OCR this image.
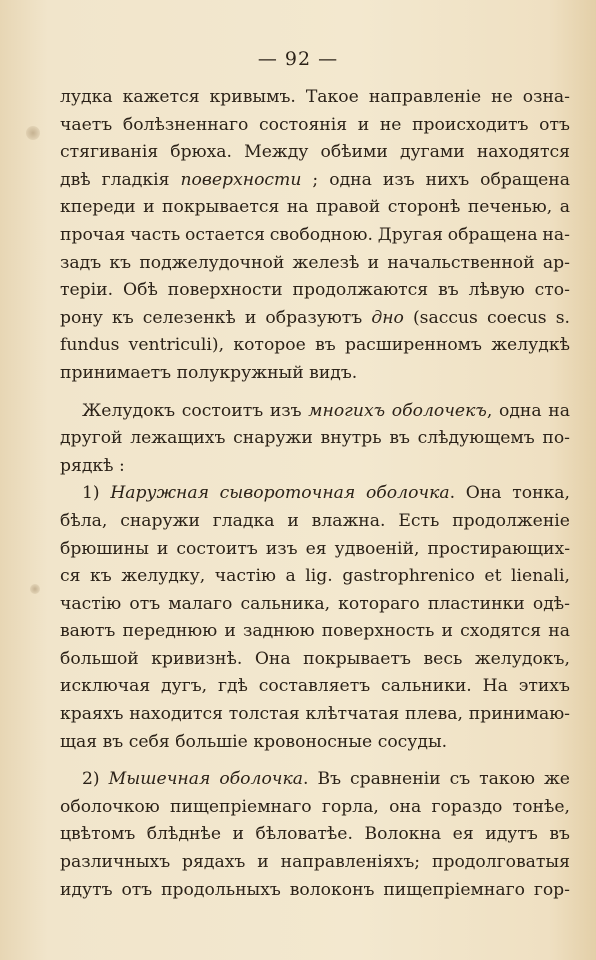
— 92 —
лудка кажется кривымъ. Такое направленіе не озна-
чаетъ болѣзненнаго состоянія и не происходитъ отъ
стягиванія брюха. Между обѣими дугами находятся
двѣ гладкія поверхности ; одна изъ нихъ обращена
кпереди и покрывается на правой сторонѣ печенью, а
прочая часть остается свободною. Другая обращена на-
задъ къ поджелудочной железѣ и начальственной ар-
теріи. Обѣ поверхности продолжаются въ лѣвую сто-
рону къ селезенкѣ и образуютъ дно (saccus coecus s.
fundus ventriculi), которое въ расширенномъ желудкѣ
принимаетъ полукружный видъ.
Желудокъ состоитъ изъ многихъ оболочекъ, одна на
другой лежащихъ снаружи внутрь въ слѣдующемъ по-
рядкѣ :
1) Наружная сывороточная оболочка. Она тонка,
бѣла, снаружи гладка и влажна. Есть продолженіе
брюшины и состоитъ изъ ея удвоеній, простирающих-
ся къ желудку, частію а lig. gastrophrenico et lienali,
частію отъ малаго сальника, котораго пластинки одѣ-
ваютъ переднюю и заднюю поверхность и сходятся на
большой кривизнѣ. Она покрываетъ весь желудокъ,
исключая дугъ, гдѣ составляетъ сальники. На этихъ
краяхъ находится толстая клѣтчатая плева, принимаю-
щая въ себя большіе кровоносные сосуды.
2) Мышечная оболочка. Въ сравненіи съ такою же
оболочкою пищепріемнаго горла, она гораздо тонѣе,
цвѣтомъ блѣднѣе и бѣловатѣе. Волокна ея идутъ въ
различныхъ рядахъ и направленіяхъ; продолговатыя
идутъ отъ продольныхъ волоконъ пищепріемнаго гор-
